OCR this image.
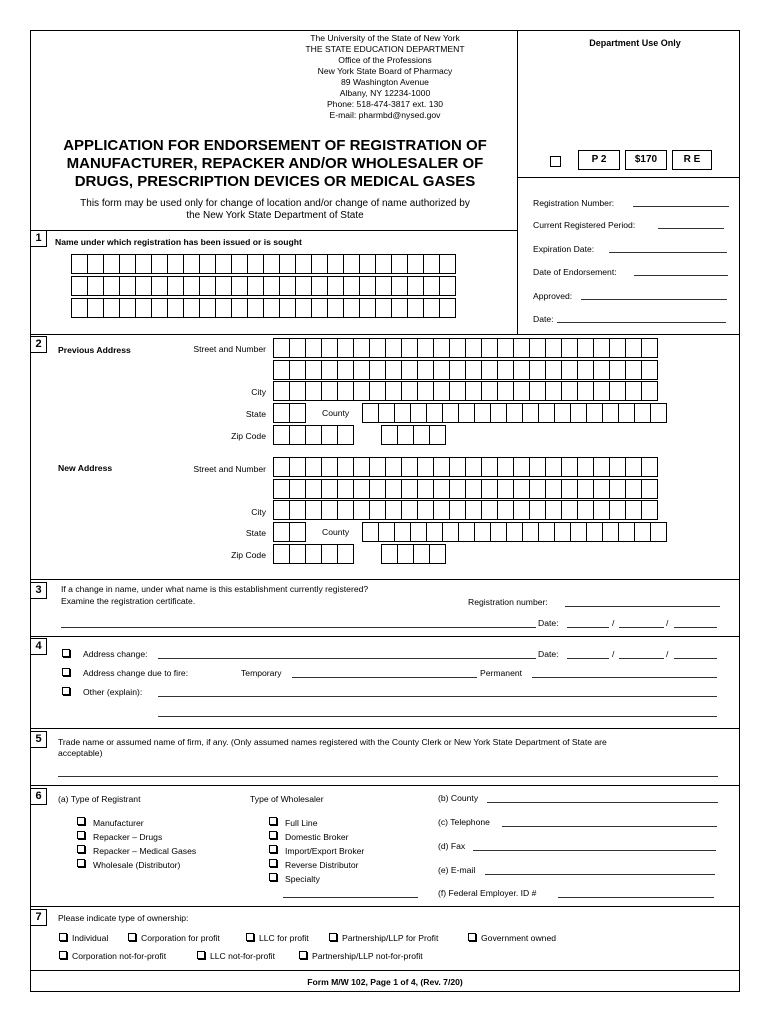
The University of the State of New York
THE STATE EDUCATION DEPARTMENT
Office of the Professions
New York State Board of Pharmacy
89 Washington Avenue
Albany, NY 12234-1000
Phone: 518-474-3817 ext. 130
E-mail: pharmbd@nysed.gov
APPLICATION FOR ENDORSEMENT OF REGISTRATION OF
MANUFACTURER, REPACKER AND/OR WHOLESALER OF
DRUGS, PRESCRIPTION DEVICES OR MEDICAL GASES
This form may be used only for change of location and/or change of name authorized by
the New York State Department of State
Department Use Only
P 2	$170	R E
Registration Number:
Current Registered Period:
Expiration Date:
Date of Endorsement:
Approved:
Date:
1	Name under which registration has been issued or is sought
2	Previous Address	Street and Number
City
State	County
Zip Code
New Address	Street and Number
City
State	County
Zip Code
3	If a change in name, under what name is this establishment currently registered?
Examine the registration certificate.	Registration number:
Date:	/	/
4
Address change:	Date:	/	/
Address change due to fire:	Temporary	Permanent
Other (explain):
5	Trade name or assumed name of firm, if any. (Only assumed names registered with the County Clerk or New York State Department of State are
acceptable)
6	(a) Type of Registrant
Manufacturer
Repacker – Drugs
Repacker – Medical Gases
Wholesale (Distributor)
Type of Wholesaler
Full Line
Domestic Broker
Import/Export Broker
Reverse Distributor
Specialty
(b) County
(c) Telephone
(d) Fax
(e) E-mail
(f) Federal Employer. ID #
7	Please indicate type of ownership:
Individual	Corporation for profit	LLC for profit	Partnership/LLP for Profit	Government owned
Corporation not-for-profit	LLC not-for-profit	Partnership/LLP not-for-profit
Form M/W 102, Page 1 of 4, (Rev. 7/20)
